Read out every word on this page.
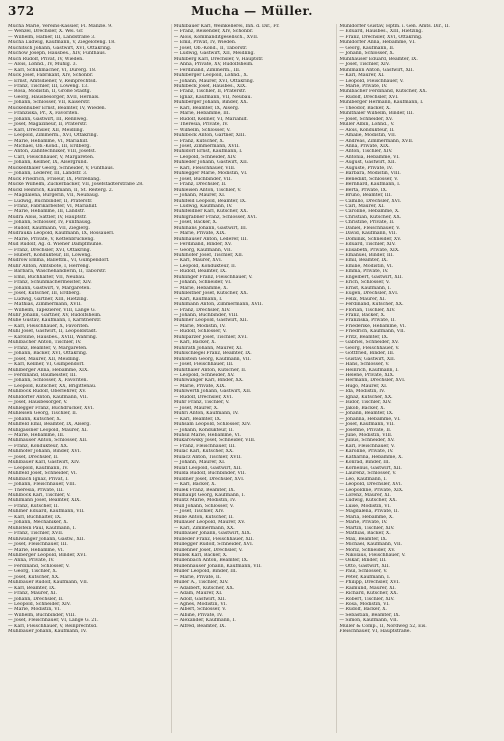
372	Mucha — Müller.
Mucha Marie, Vereins-Kassier, Fl. Mänzle. 9.
— Wenzel, Drechsler, X. Wei. Gr.
— Wilhelm, Hafner, III, Landstraße 3.
Mucha Ludwig, Kaufmann, V, Ziegelofeng. 18.
Muchitsch Johann, Gastwirt, XVI, Ottakring.
Muchow Joseph, Hausbes., XIV, Fünfhaus.
Much Rudolf, Privat, IV, Wieden.
— Alois, Lohnd., IV, Mühlg. 3.
— Karl, Schuhmacher, VI, Dürerg. 18.
Muck Josef, Fabrikant, XIV, Schönbr.
— Ernst, Amtsdiener, V, Reinprechtsd.
— Franz, Tischler, III, Löweng. 13.
— Rosa, Modistin, II, Große Stadtg.
— Georg, Hausbesorger, XVII, Hernals.
— Johann, Schlosser, VII, Kaiserstr.
Muckenhuber Ernst, Beamter, IV, Wieden.
— Franziska, Pr., X, Favoriten.
— Johann, Gastwirt, III, Rennweg.
— Josef, Magazineur, II, Praterstr.
— Karl, Drechsler, XII, Meidling.
— Leopold, Zimmerm., XVI, Ottakring.
— Marie, Hebamme, VI, Mariahilf.
— Michael, Ob.-Kond., III, Erdberg.
— Anton, Zahntechniker, VIII, Josefst.
— Carl, Fleischhauer, V, Margareten.
— Johann, Kellner, IX, Alsergrund.
Muckenthaler Georg, Schneider, V, Fünfhaus.
— Johann, Lederer, III, Landstr. 3.
Mück Friedrich, Friseur, IX, Porzellang.
Mücke Wilhelm, Zuckerbäcker, VII, Josefstädterstraße 28.
Mückl Heinrich, Kaufmann, II, St. Reiterg. 2.
— Magdalena, Bürgerin, VII, Neubaug.
— Ludwig, Buchbinder, II, Praterstr.
— Franz, Fabrikarbeiter, VI, Mariahilf.
— Marie, Hebamme, III, Landstr.
Mudra Alois, Sattler, IV, Hauptstr.
— Johann, Schlosser, IV, Fünfhausg.
— Rudolf, Kaufmann, VII, Zieglerg.
Mudrauka Leopold, Kaufmann, IX, Rossauerl.
— Marie, Private, V, Kettenbrückeng.
Müd Rudolf, Ag. d. Wiener Dampfmühle.
— Franz, Drechsler, XVI, Ottakring.
— Hubert, Kondukteur, III, Löweng.
Mudrow Emma, Ballettm., VI, Gumpendorf.
Mühr Anton, Amtsbote, I, Herreng.
— Barbara, Wäschehändlerin, II, Taborstr.
— Emil, Buchhalter, VII, Neubau.
— Franz, Schuhmachermeister, XIV.
— Johann, Gastwirt, V, Margareten.
— Josef, Kutscher, III, Erdberg.
— Ludwig, Gärtner, XIII, Hietzing.
— Mathias, Zimmermann, XVII.
— Wilhelm, Tapezierer, VIII, Lange G.
Muhr Johann, Gärtner, XV, Rudolfsheim.
Mühe Gustav, Kaufmann, I, Kärntnerstr.
— Karl, Fleischhauer, X, Favoriten.
Mühl Josef, Gastwirt, II, Leopoldstadt.
— Karoline, Hausbes., XVIII, Währing.
Mühlbacher Anton, Tischler, IV.
— Franz, Beamter, V, Margareten.
— Johann, Bäcker, XVI, Ottakring.
— Josef, Maurer, XII, Meidling.
— Karl, Kellner, VI, Gumpendorf.
Mühlberger Anna, Hebamme, XIX.
— Ferdinand, Baumeister, III.
— Johann, Schlosser, X, Favoriten.
— Leopold, Kutscher, XX, Brigittenau.
Mühlböck Rudolf, Oberlehrer, XV.
Mühldorfer Anton, Kaufmann, VII.
— Josef, Hausbesorger, V.
Mühlegger Franz, Buchdrucker, XVI.
Mühleisen Georg, Tischler, II.
— Johann, Kutscher, X.
Mühlfeld Emil, Beamter, IX, Alserg.
Mühlgassner Leopold, Maurer, XI.
— Marie, Hebamme, III.
Mühlhauser Anton, Schlosser, XII.
— Franz, Kondukteur, XX.
Mühlhofer Johann, Binder, XVI.
— Josef, Drechsler, II.
Mühlbauer Karl, Gastwirt, XIV.
— Leopold, Kaufmann, IV.
Mühlfeld Josef, Schneider, VI.
Mühlbach Ignaz, Privat, I.
— Johann, Fleischhauer, VIII.
— Theresia, Private, III.
Mühlböck Karl, Tischler, V.
Mühlmann Josef, Beamter, XIX.
— Franz, Kutscher, II.
Mühlner Eduard, Kaufmann, VII.
— Karl, Buchhalter, IX.
— Johann, Mechaniker, X.
Mühlstein Paul, Kaufmann, I.
— Franz, Tischler, XVII.
Mühlwanger Johann, Gastw., XII.
— Josef, Fleischhauer, III.
— Marie, Hebamme, VI.
Mühlberger Leopold, Binder, XVI.
— Anna, Private, IV.
— Ferdinand, Schlosser, V.
— Georg, Tischler, X.
— Josef, Kutscher, XX.
Mühlbauer Rudolf, Kaufmann, VII.
— Karl, Beamter, IX.
— Franz, Maurer, XI.
— Johann, Drechsler, II.
— Leopold, Schneider, XIV.
— Marie, Modistin, VI.
— Wilhelm, Buchbinder, VIII.
— Josef, Fleischhauer, VI, Lange G. 21.
— Karl, Fleischhauer, V, Reinprechtsd.
Mühlbauer Johann, Kaufmann, IV.
Mühlbauer Karl, Weinkellerei, Inh. d. Dir., Fr.
— Franz, Reisender, XIV, Schönbr.
— Alois, Kommanditgesellsch., XVII.
— Emil, Privat, IV, Wieden.
— Josef, Ob.-Kond., II, Taborstr.
— Ludwig, Gastwirt, XII, Meidling.
Mühlberg Karl, Drechsler, V, Hauptstr.
— Anna, Private, XV, Rudolfsheim.
— Ferdinand, Zimmerm., III.
Mühlberger Leopold, Lohnd., X.
— Johann, Maurer, XVI, Ottakring.
Mühlbeck Josef, Hausbes., XIX.
— Franz, Tischler, II, Praterstr.
— Ignaz, Kaufmann, VII, Neubau.
Mühlberger Johann, Binder, XX.
— Karl, Beamter, IX, Alserg.
— Marie, Hebamme, III.
— Rudolf, Kellner, VI, Mariahilf.
— Theresia, Private, IV.
— Wilhelm, Schlosser, V.
Mühlböck Anton, Gärtner, XIII.
— Franz, Kutscher, X.
— Josef, Zimmermann, XVII.
Mühldorf Ernst, Kaufmann, I.
— Leopold, Schneider, XIV.
Mühleder Johann, Gastwirt, XII.
— Karl, Fleischhauer, VIII.
Mühlegger Marie, Modistin, VI.
— Josef, Buchbinder, VII.
— Franz, Drechsler, II.
Mühleisen Anton, Tischler, V.
— Johann, Maurer, XI.
Mühlfeld Leopold, Beamter, IX.
— Ludwig, Kaufmann, IV.
Mühlfeldner Karl, Kutscher, XX.
Mühlgrabner Franz, Schlosser, XVI.
— Josef, Bäcker, X.
Mühlhans Johann, Gastwirt, III.
— Marie, Private, XIX.
Mühlhauser Anton, Lederer, III.
— Ferdinand, Binder, XV.
— Georg, Kaufmann, VII.
Mühlhofer Josef, Tischler, XII.
— Karl, Maurer, XVI.
— Leopold, Kondukteur, II.
— Rudolf, Beamter, IX.
Mühlinger Franz, Fleischhauer, V.
— Johann, Schneider, VI.
— Marie, Hebamme, X.
Mühlleitner Josef, Kutscher, XX.
— Karl, Kaufmann, I.
Mühlmann Anton, Zimmermann, XVII.
— Franz, Drechsler, XIV.
— Johann, Buchbinder, VIII.
Mühlner Leopold, Gastwirt, XII.
— Marie, Modistin, IV.
— Rudolf, Schlosser, V.
Mühlparzer Josef, Tischler, XVI.
— Karl, Bäcker, X.
Mühlrath Johann, Maurer, XI.
Mühlschlegel Franz, Beamter, IX.
Mühlstein Georg, Kaufmann, VII.
— Josef, Fleischhauer, III.
Mühlthaler Anton, Kutscher, II.
— Leopold, Schneider, XV.
Mühlwanger Karl, Binder, XX.
— Marie, Private, XIX.
Mühlwerth Johann, Gastwirt, XII.
— Rudolf, Drechsler, XVI.
Mühr Franz, Tischler, V.
— Josef, Maurer, X.
Muhri Anton, Kaufmann, IV.
— Karl, Beamter, IX.
Mühsam Leopold, Schlosser, XIV.
— Johann, Kondukteur, II.
Muhsil Marie, Hebamme, VI.
Mukarowsky Josef, Schneider, VIII.
— Franz, Fleischhauer, III.
Mulač Karl, Kutscher, XX.
Mulacz Anton, Tischler, XVII.
— Johann, Maurer, XI.
Mulat Leopold, Gastwirt, XII.
Mulda Rudolf, Buchbinder, VII.
Muldner Josef, Drechsler, XVI.
— Karl, Bäcker, X.
Mulek Franz, Beamter, IX.
Mülhaupt Georg, Kaufmann, I.
Mulitz Marie, Modistin, IV.
Mull Johann, Schlosser, V.
— Josef, Tischler, XIV.
Mulle Anton, Kutscher, II.
Müllauer Leopold, Maurer, XV.
— Karl, Zimmermann, XX.
Müllbauer Johann, Gastwirt, XIX.
Mulleder Franz, Fleischhauer, XII.
Müllegger Rudolf, Schneider, XVI.
Müllehner Josef, Drechsler, V.
Müllek Karl, Bäcker, X.
Müllenbach Anton, Beamter, IX.
Müllenhauser Johann, Kaufmann, VII.
Muller Leopold, Binder, III.
— Marie, Private, II.
Müller A., Tischler, XIV.
— Adalbert, Kutscher, XX.
— Adam, Maurer, XI.
— Adolf, Gastwirt, XII.
— Agnes, Modistin, VI.
— Albert, Schlosser, V.
— Albine, Private, IV.
— Alexander, Kaufmann, I.
— Alfred, Beamter, IX.
Mühldorfer Gustav, Hptm. i. Gen. Amts. Dir., II.
— Eduard, Hausbes., XIII, Hietzing.
— Franz, Drechsler, XVI, Ottakring.
Mühldorfer Anna, Hebamme, VI.
— Georg, Kaufmann, II.
— Johann, Schlosser, X.
Mühlhauser Eduard, Beamter, IX.
— Josef, Tischler, XIV.
Mühlmann Anton, Gastwirt, XII.
— Karl, Maurer, XI.
— Leopold, Fleischhauer, V.
— Marie, Private, IV.
Mühlbacher Ferdinand, Kutscher, XX.
— Rudolf, Drechsler, XVI.
Mühlberger Hermann, Kaufmann, I.
— Theodor, Bäcker, X.
Mühlthaler Wilhelm, Binder, III.
— Josef, Schneider, XV.
Müller Albin, Lohnd., V.
— Alois, Kondukteur, II.
— Amalie, Modistin, VII.
— Andreas, Zimmermann, XVII.
— Anna, Private, XIX.
— Anton, Tischler, XIV.
— Antonia, Hebamme, VI.
— August, Gastwirt, XII.
— Auguste, Private, IV.
— Barbara, Modistin, VIII.
— Benedikt, Schlosser, V.
— Bernhard, Kaufmann, I.
— Berta, Private, IX.
— Bruno, Beamter, III.
— Camillo, Drechsler, XVI.
— Carl, Maurer, XI.
— Caroline, Hebamme, X.
— Christian, Kutscher, XX.
— Christine, Private, II.
— Daniel, Fleischhauer, V.
— David, Kaufmann, VII.
— Dominik, Schneider, XV.
— Eduard, Tischler, XIV.
— Elisabeth, Private, XIX.
— Emanuel, Binder, III.
— Emil, Beamter, IX.
— Emilie, Modistin, VI.
— Emma, Private, IV.
— Engelbert, Gastwirt, XII.
— Erich, Schlosser, V.
— Ernst, Kaufmann, I.
— Eugen, Drechsler, XVI.
— Felix, Maurer, XI.
— Ferdinand, Kutscher, XX.
— Florian, Tischler, XIV.
— Franz, Bäcker, X.
— Franziska, Private, II.
— Friederike, Hebamme, VI.
— Friedrich, Kaufmann, VII.
— Fritz, Beamter, IX.
— Gabriel, Schneider, XV.
— Georg, Fleischhauer, V.
— Gottfried, Binder, III.
— Gustav, Gastwirt, XII.
— Hans, Schlosser, V.
— Heinrich, Kaufmann, I.
— Helene, Private, XIX.
— Hermann, Drechsler, XVI.
— Hugo, Maurer, XI.
— Ida, Modistin, IV.
— Ignaz, Kutscher, XX.
— Isidor, Tischler, XIV.
— Jakob, Bäcker, X.
— Johann, Beamter, IX.
— Johanna, Hebamme, VI.
— Josef, Kaufmann, VII.
— Josefine, Private, II.
— Julie, Modistin, VIII.
— Julius, Schneider, XV.
— Karl, Fleischhauer, V.
— Karoline, Private, IV.
— Katharina, Hebamme, X.
— Konrad, Binder, III.
— Kornelius, Gastwirt, XII.
— Laurenz, Schlosser, V.
— Leo, Kaufmann, I.
— Leopold, Drechsler, XVI.
— Leopoldine, Private, XIX.
— Lorenz, Maurer, XI.
— Ludwig, Kutscher, XX.
— Luise, Modistin, VI.
— Magdalena, Private, II.
— Maria, Hebamme, X.
— Marie, Private, IV.
— Martin, Tischler, XIV.
— Mathias, Bäcker, X.
— Max, Beamter, IX.
— Michael, Kaufmann, VII.
— Moriz, Schneider, XV.
— Nikolaus, Fleischhauer, V.
— Oskar, Binder, III.
— Otto, Gastwirt, XII.
— Paul, Schlosser, V.
— Peter, Kaufmann, I.
— Philipp, Drechsler, XVI.
— Raimund, Maurer, XI.
— Richard, Kutscher, XX.
— Robert, Tischler, XIV.
— Rosa, Modistin, VI.
— Rudolf, Bäcker, X.
— Sebastian, Beamter, IX.
— Simon, Kaufmann, VII.
Müller & Comp., II, Nordweg 52, Eis.
Fleischhauer, VI, Hauptstraße.
